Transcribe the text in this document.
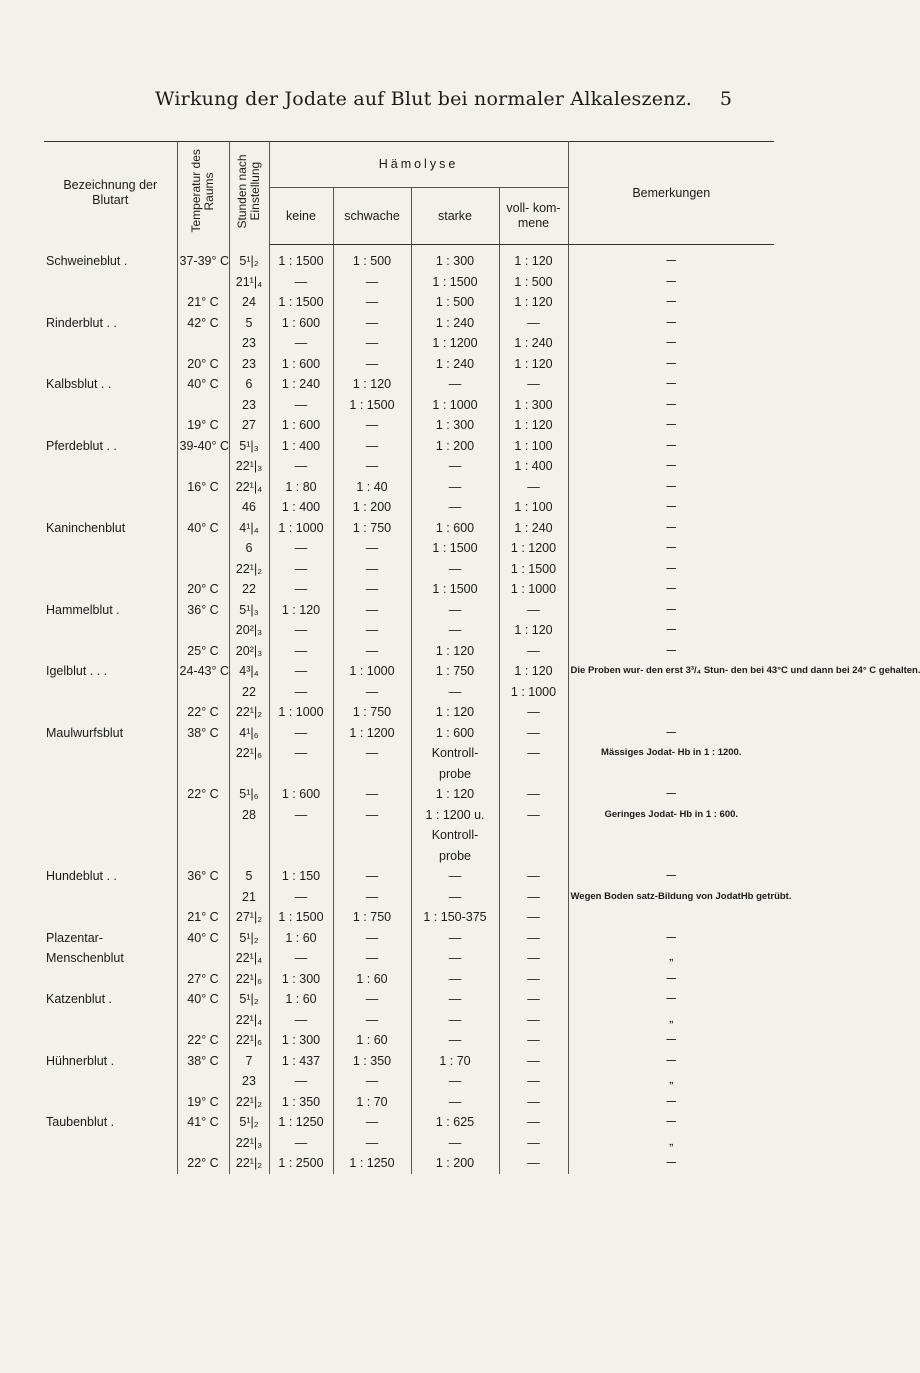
Wirkung der Jodate auf Blut bei normaler Alkaleszenz. 5
Bezeichnung der Blutart	Temperatur des Raums	Stunden nach Einstellung	Hämolyse				Bemerkungen
			keine	schwache	starke	voll- kom- mene	
Schweineblut .	37-39° C	5¹|₂	1 : 1500	1 : 500	1 : 300	1 : 120	—
		21¹|₄	—	—	1 : 1500	1 : 500	—
	21° C	24	1 : 1500	—	1 : 500	1 : 120	—
Rinderblut . .	42° C	5	1 : 600	—	1 : 240	—	—
		23	—	—	1 : 1200	1 : 240	—
	20° C	23	1 : 600	—	1 : 240	1 : 120	—
Kalbsblut . .	40° C	6	1 : 240	1 : 120	—	—	—
		23	—	1 : 1500	1 : 1000	1 : 300	—
	19° C	27	1 : 600	—	1 : 300	1 : 120	—
Pferdeblut . .	39-40° C	5¹|₃	1 : 400	—	1 : 200	1 : 100	—
		22¹|₃	—	—	—	1 : 400	—
	16° C	22¹|₄	1 : 80	1 : 40	—	—	—
		46	1 : 400	1 : 200	—	1 : 100	—
Kaninchenblut	40° C	4¹|₄	1 : 1000	1 : 750	1 : 600	1 : 240	—
		6	—	—	1 : 1500	1 : 1200	—
		22¹|₂	—	—	—	1 : 1500	—
	20° C	22	—	—	1 : 1500	1 : 1000	—
Hammelblut .	36° C	5¹|₃	1 : 120	—	—	—	—
		20²|₃	—	—	—	1 : 120	—
	25° C	20²|₃	—	—	1 : 120	—	—
Igelblut . . .	24-43° C	4³|₄	—	1 : 1000	1 : 750	1 : 120	Die Proben wur- den erst 3³/₄ Stun- den bei 43°C und dann bei 24° C gehalten.
		22	—	—	—	1 : 1000	
	22° C	22¹|₂	1 : 1000	1 : 750	1 : 120	—	
Maulwurfsblut	38° C	4¹|₆	—	1 : 1200	1 : 600	—	—
		22¹|₆	—	—	Kontroll-	—	Mässiges Jodat- Hb in 1 : 1200.
					probe		
	22° C	5¹|₆	1 : 600	—	1 : 120	—	—
		28	—	—	1 : 1200 u.	—	Geringes Jodat- Hb in 1 : 600.
					Kontroll-		
					probe		
Hundeblut . .	36° C	5	1 : 150	—	—	—	—
		21	—	—	—	—	Wegen Boden satz-Bildung von JodatHb getrübt.
	21° C	27¹|₂	1 : 1500	1 : 750	1 : 150-375	—	
Plazentar-	40° C	5¹|₂	1 : 60	—	—	—	—
Menschenblut		22¹|₄	—	—	—	—	„
	27° C	22¹|₆	1 : 300	1 : 60	—	—	—
Katzenblut .	40° C	5¹|₂	1 : 60	—	—	—	—
		22¹|₄	—	—	—	—	„
	22° C	22¹|₆	1 : 300	1 : 60	—	—	—
Hühnerblut .	38° C	7	1 : 437	1 : 350	1 : 70	—	—
		23	—	—	—	—	„
	19° C	22¹|₂	1 : 350	1 : 70	—	—	—
Taubenblut .	41° C	5¹|₂	1 : 1250	—	1 : 625	—	—
		22¹|₃	—	—	—	—	„
	22° C	22¹|₂	1 : 2500	1 : 1250	1 : 200	—	—
